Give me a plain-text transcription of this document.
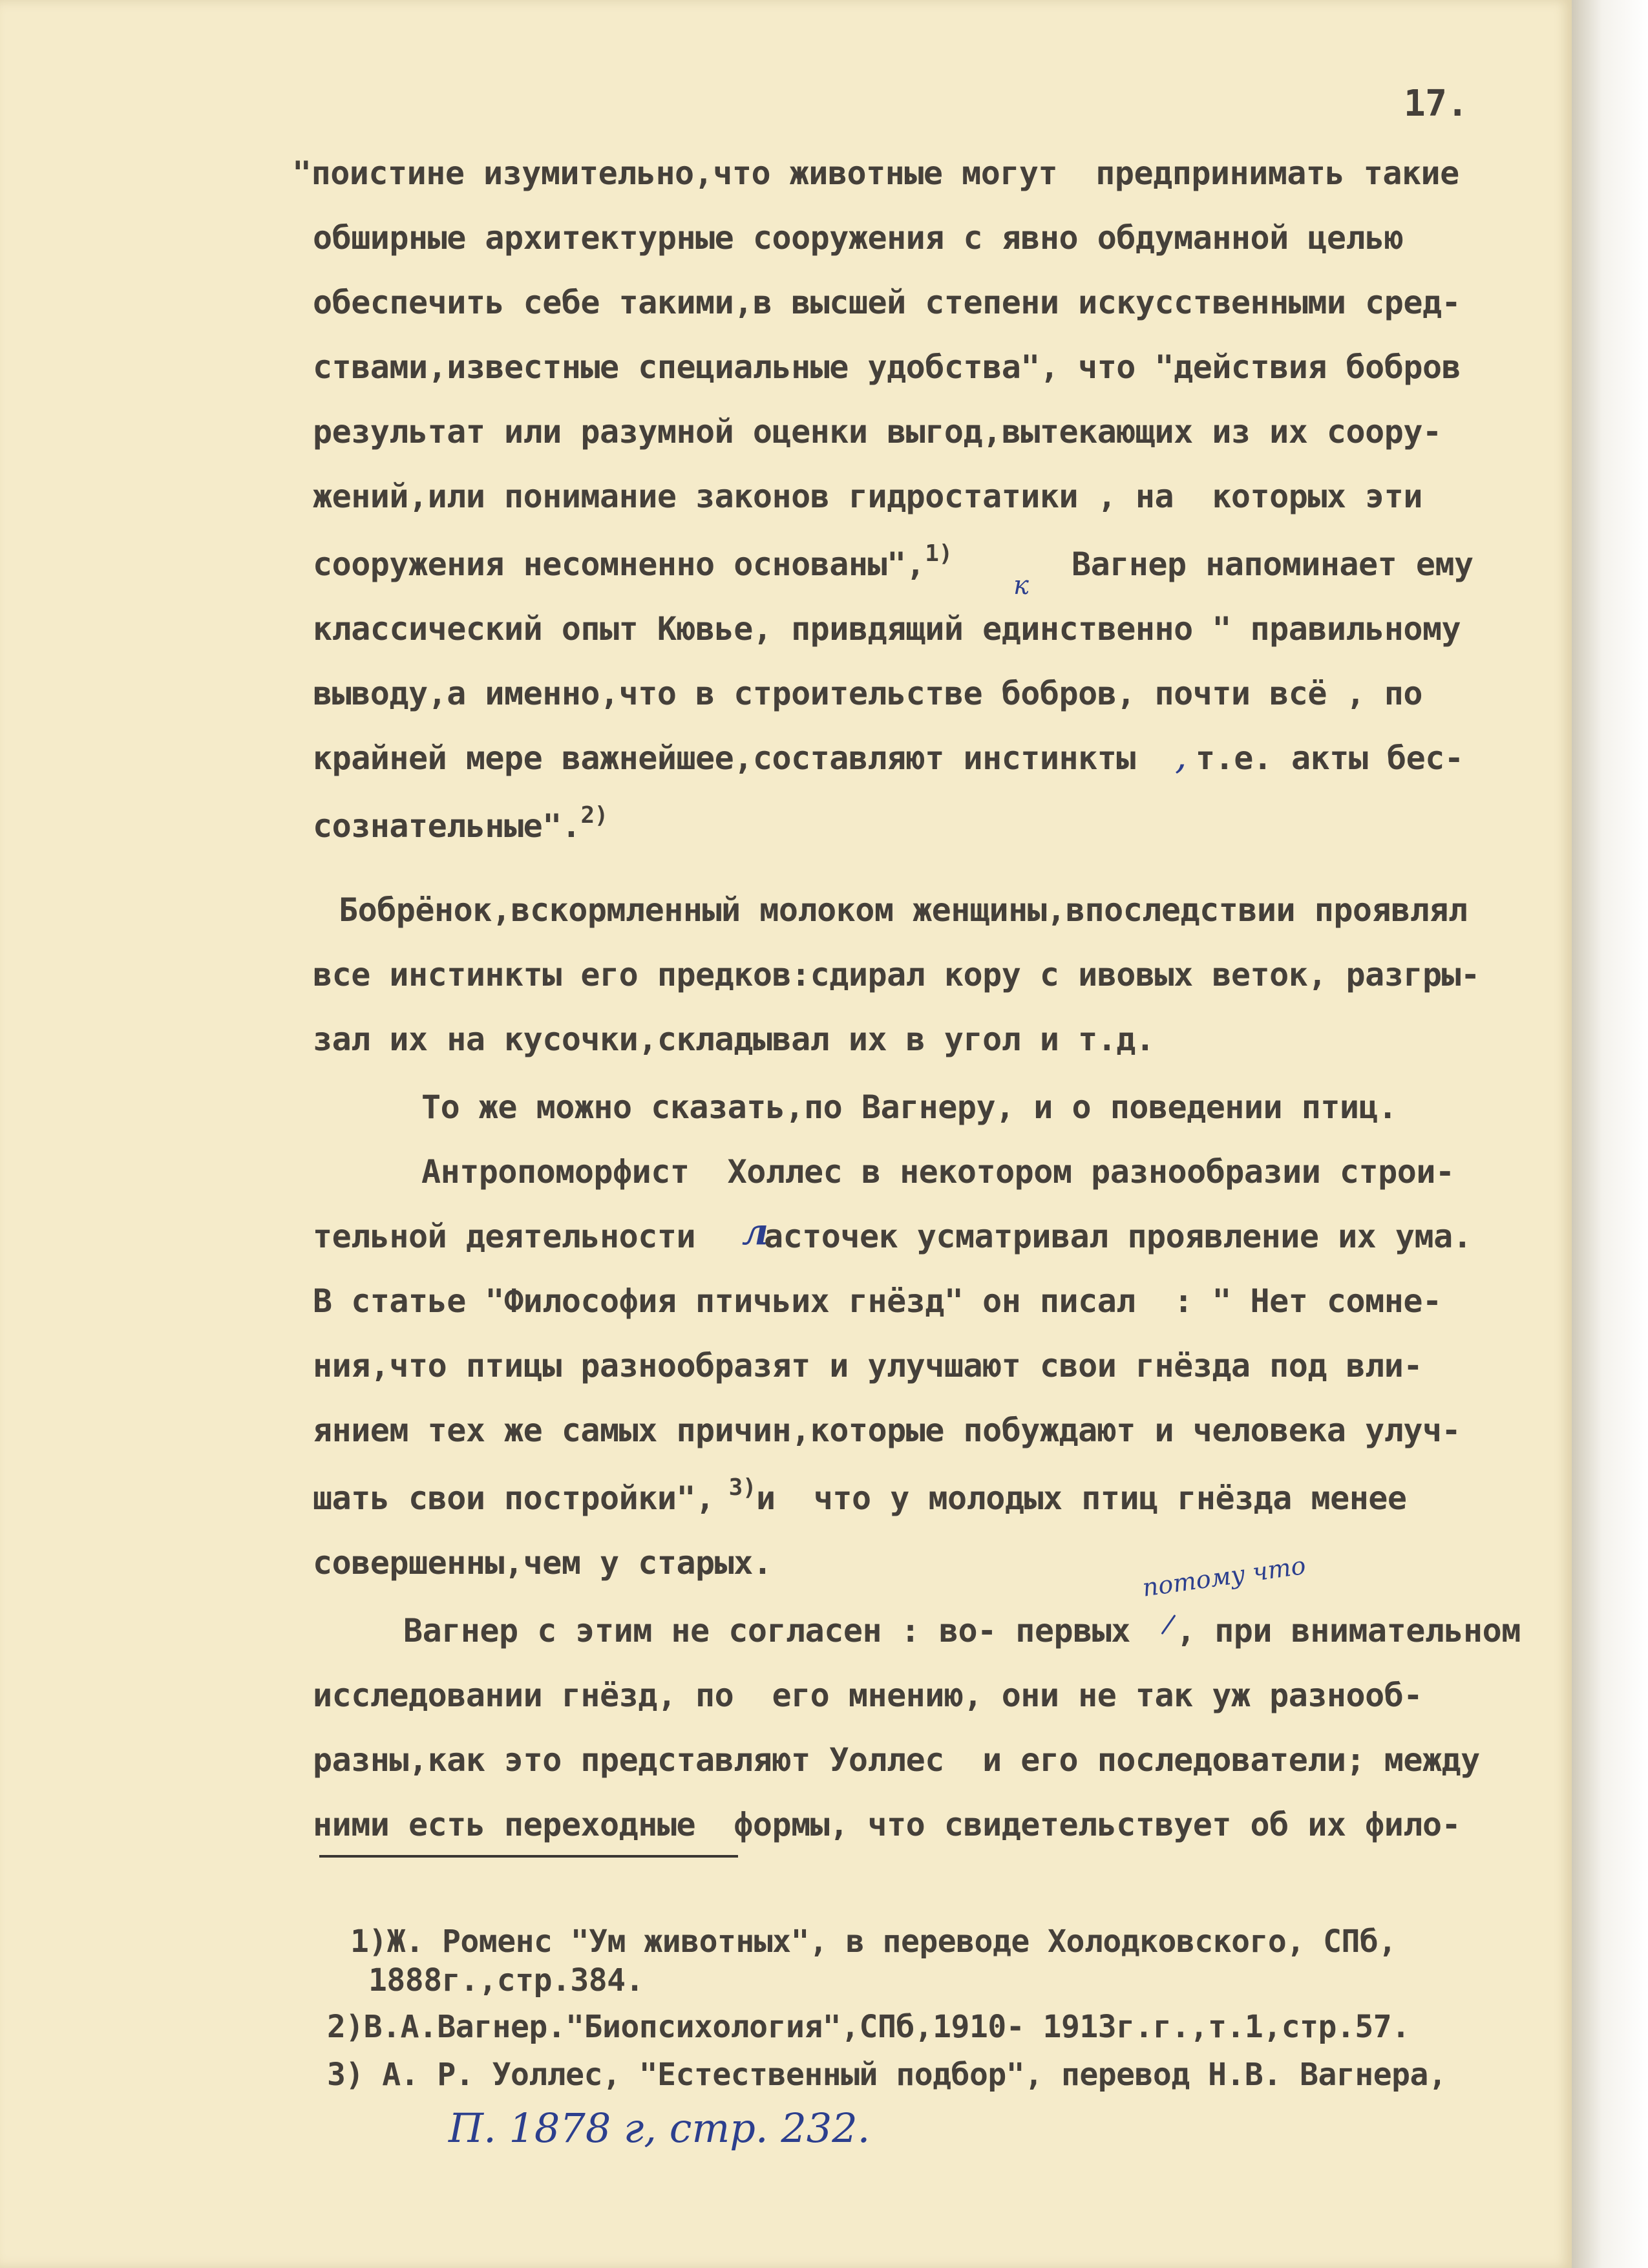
17.
"поистине изумительно,что животные могут  предпринимать такие
обширные архитектурные сооружения с явно обдуманной целью
обеспечить себе такими,в высшей степени искусственными сред-
ствами,известные специальные удобства", что "действия бобров
результат или разумной оценки выгод,вытекающих из их соору-
жений,или понимание законов гидростатики , на  которых эти
сооружения несомненно основаны",$^{1)}$
к
Вагнер напоминает ему
классический опыт Кювье, привдящий единственно " правильному
выводу,а именно,что в строительстве бобров, почти всё , по
крайней мере важнейшее,составляют инстинкты , т.е. акты бес-
сознательные".$^{2)}$
Бобрёнок,вскормленный молоком женщины,впоследствии проявлял
все инстинкты его предков:сдирал кору с ивовых веток, разгры-
зал их на кусочки,складывал их в угол и т.д.
То же можно сказать,по Вагнеру, и о поведении птиц.
Антропоморфист  Холлес в некотором разнообразии строи-
тельной деятельности л
асточек усматривал проявление их ума.
В статье "Философия птичьих гнёзд" он писал  : " Нет сомне-
ния,что птицы разнообразят и улучшают свои гнёзда под вли-
янием тех же самых причин,которые побуждают и человека улуч-
шать свои постройки", $^{3)}$и  что у молодых птиц гнёзда менее
совершенны,чем у старых.	потому что
Вагнер с этим не согласен : во- первых , при внимательном
исследовании гнёзд, по  его мнению, они не так уж разнооб-
разны,как это представляют Уоллес  и его последователи; между
ними есть переходные  формы, что свидетельствует об их фило-
1)Ж. Роменс "Ум животных", в переводе Холодковского, СПб,
1888г.,стр.384.
2)В.А.Вагнер."Биопсихология",СПб,1910- 1913г.г.,т.1,стр.57.
3) А. Р. Уоллес, "Естественный подбор", перевод Н.В. Вагнера,
П. 1878 г, стр. 232.
